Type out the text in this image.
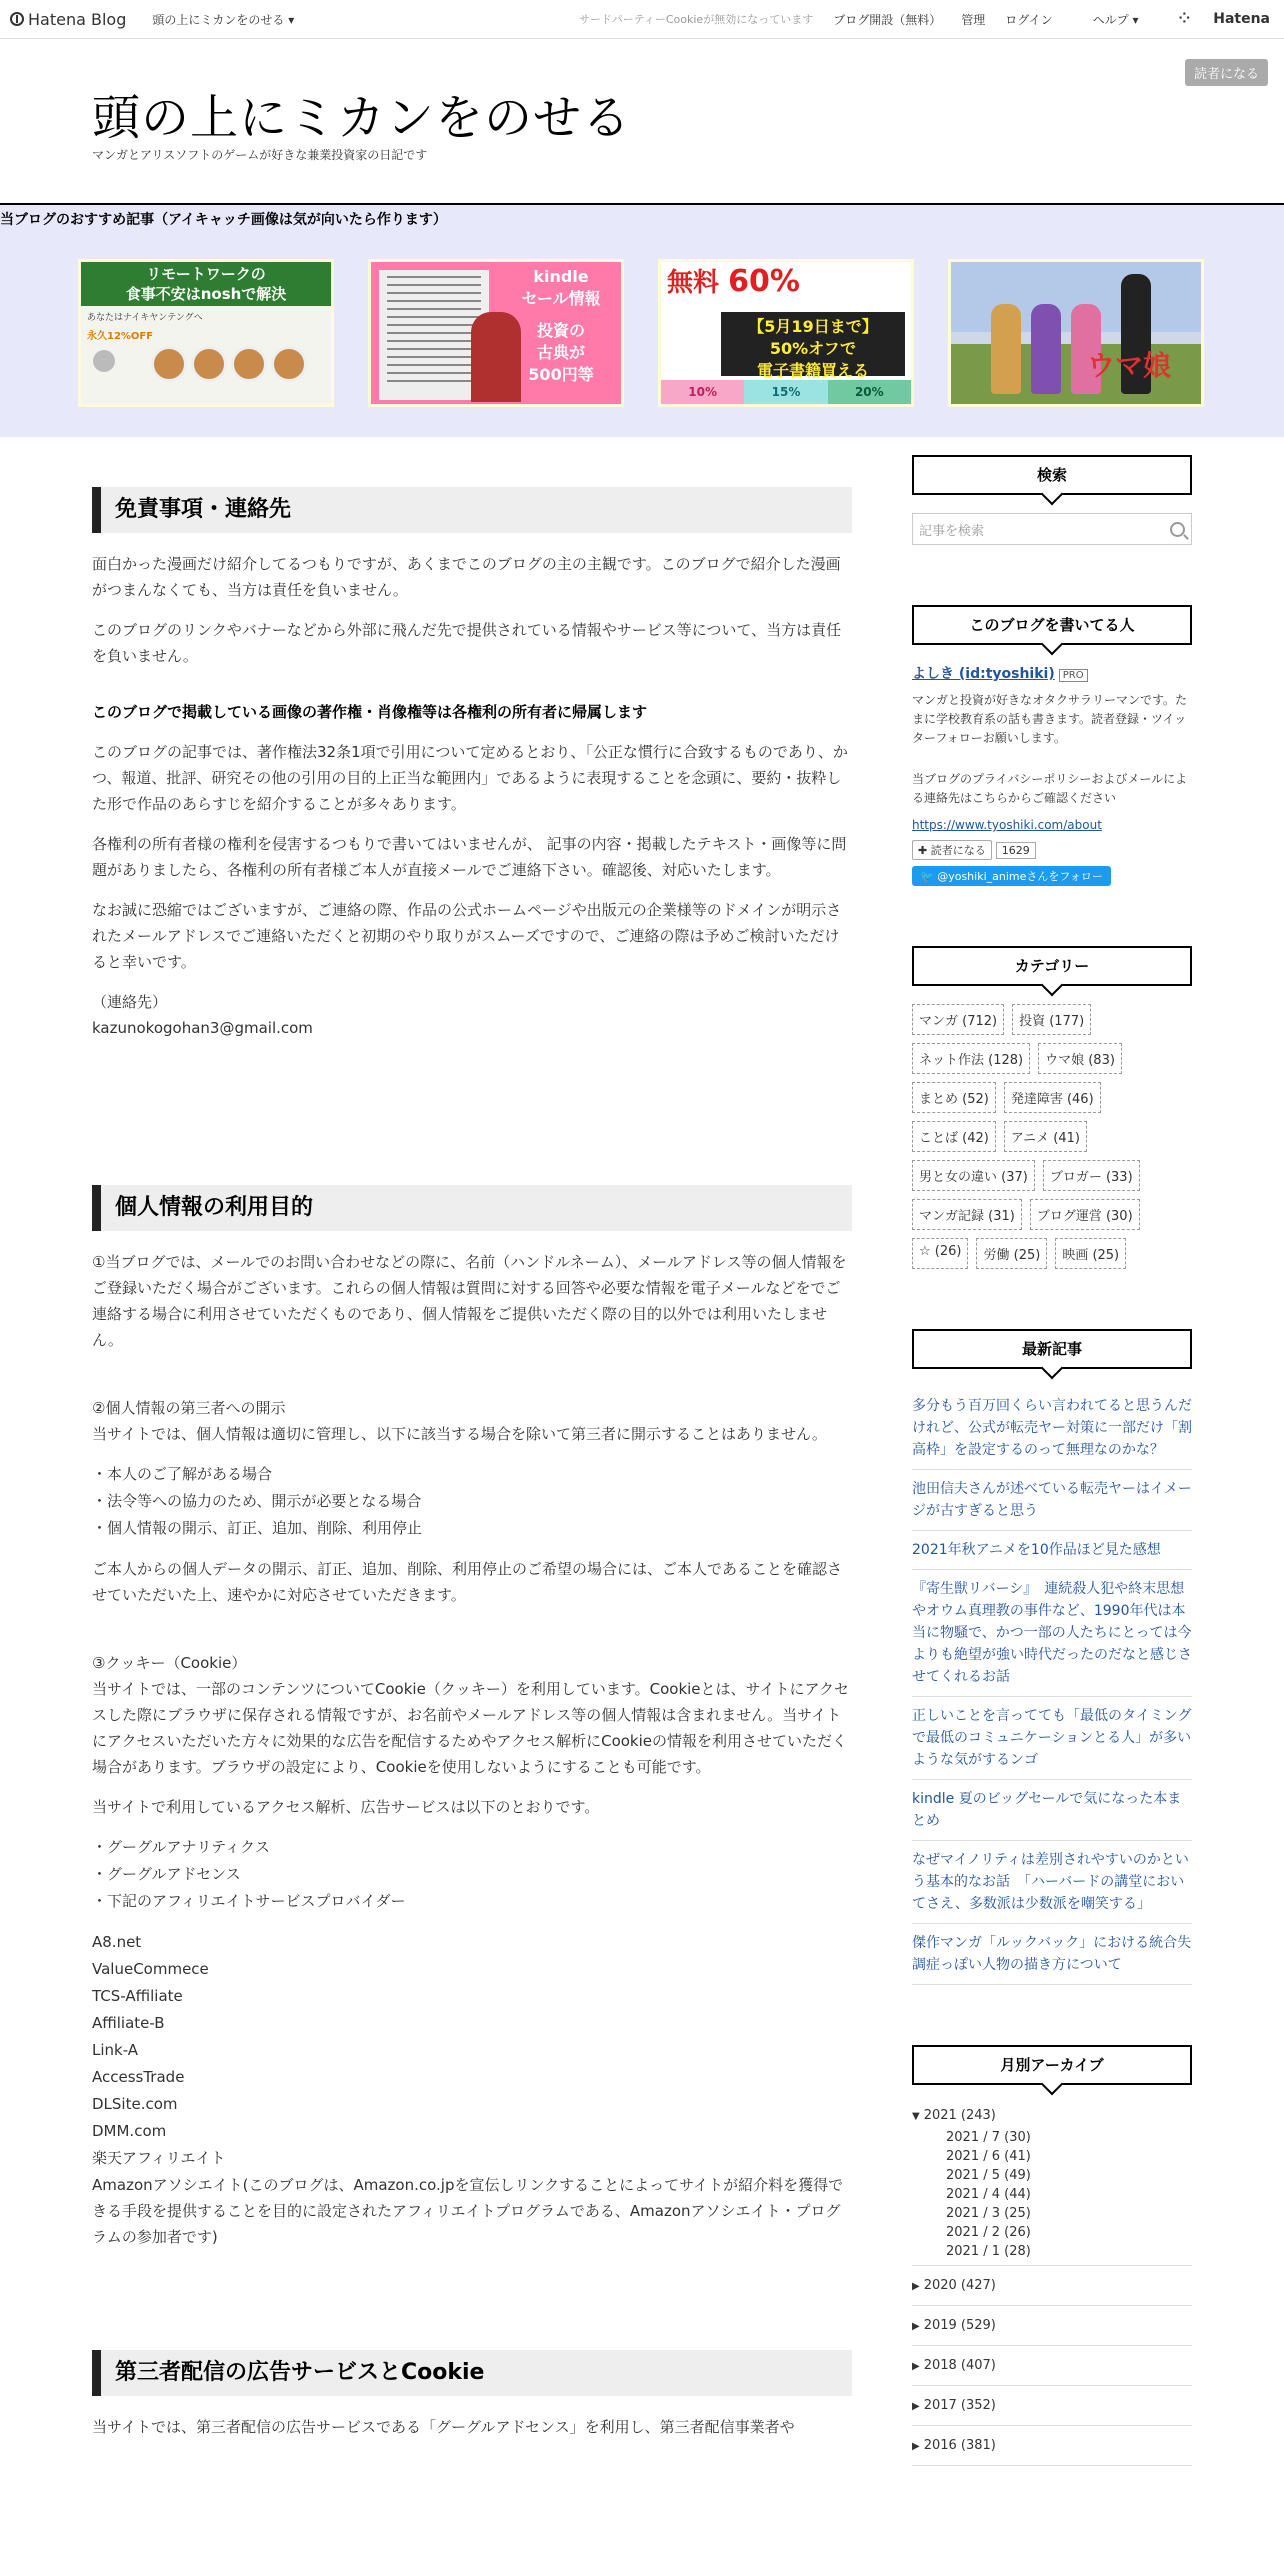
Hatena Blog 頭の上にミカンをのせる ▾	サードパーティーCookieが無効になっています ブログ開設（無料） 管理 ログイン	ヘルプ ▾	⁘ Hatena
頭の上にミカンをのせる
マンガとアリスソフトのゲームが好きな兼業投資家の日記です
読者になる
当ブログのおすすめ記事（アイキャッチ画像は気が向いたら作ります）
リモートワークの
食事不安はnoshで解決
あなたはナイキヤンテングへ
永久12%OFF
kindle
セール情報
投資の
古典が
500円等
無料 60%
【5月19日まで】
50%オフで
電子書籍買える
10%	15%	20%
ウマ娘
免責事項・連絡先

面白かった漫画だけ紹介してるつもりですが、あくまでこのブログの主の主観です。このブログで紹介した漫画がつまんなくても、当方は責任を負いません。

このブログのリンクやバナーなどから外部に飛んだ先で提供されている情報やサービス等について、当方は責任を負いません。

このブログで掲載している画像の著作権・肖像権等は各権利の所有者に帰属します

このブログの記事では、著作権法32条1項で引用について定めるとおり、「公正な慣行に合致するものであり、かつ、報道、批評、研究その他の引用の目的上正当な範囲内」であるように表現することを念頭に、要約・抜粋した形で作品のあらすじを紹介することが多々あります。

各権利の所有者様の権利を侵害するつもりで書いてはいませんが、 記事の内容・掲載したテキスト・画像等に問題がありましたら、各権利の所有者様ご本人が直接メールでご連絡下さい。確認後、対応いたします。

なお誠に恐縮ではございますが、ご連絡の際、作品の公式ホームページや出版元の企業様等のドメインが明示されたメールアドレスでご連絡いただくと初期のやり取りがスムーズですので、ご連絡の際は予めご検討いただけると幸いです。

（連絡先）

kazunokogohan3@gmail.com

個人情報の利用目的

①当ブログでは、メールでのお問い合わせなどの際に、名前（ハンドルネーム）、メールアドレス等の個人情報をご登録いただく場合がございます。これらの個人情報は質問に対する回答や必要な情報を電子メールなどをでご連絡する場合に利用させていただくものであり、個人情報をご提供いただく際の目的以外では利用いたしません。

②個人情報の第三者への開示

当サイトでは、個人情報は適切に管理し、以下に該当する場合を除いて第三者に開示することはありません。

・本人のご了解がある場合
・法令等への協力のため、開示が必要となる場合
・個人情報の開示、訂正、追加、削除、利用停止

ご本人からの個人データの開示、訂正、追加、削除、利用停止のご希望の場合には、ご本人であることを確認させていただいた上、速やかに対応させていただきます。

③クッキー（Cookie）

当サイトでは、一部のコンテンツについてCookie（クッキー）を利用しています。Cookieとは、サイトにアクセスした際にブラウザに保存される情報ですが、お名前やメールアドレス等の個人情報は含まれません。当サイトにアクセスいただいた方々に効果的な広告を配信するためやアクセス解析にCookieの情報を利用させていただく場合があります。ブラウザの設定により、Cookieを使用しないようにすることも可能です。

当サイトで利用しているアクセス解析、広告サービスは以下のとおりです。

・グーグルアナリティクス
・グーグルアドセンス
・下記のアフィリエイトサービスプロバイダー
A8.net
ValueCommece
TCS-Affiliate
Affiliate-B
Link-A
AccessTrade
DLSite.com
DMM.com
楽天アフィリエイト

Amazonアソシエイト(このブログは、Amazon.co.jpを宣伝しリンクすることによってサイトが紹介料を獲得できる手段を提供することを目的に設定されたアフィリエイトプログラムである、Amazonアソシエイト・プログラムの参加者です)

第三者配信の広告サービスとCookie

当サイトでは、第三者配信の広告サービスである「グーグルアドセンス」を利用し、第三者配信事業者や

検索
記事を検索
このブログを書いてる人
よしき (id:tyoshiki) PRO
マンガと投資が好きなオタクサラリーマンです。たまに学校教育系の話も書きます。読者登録・ツイッターフォローお願いします。
当ブログのプライバシーポリシーおよびメールによる連絡先はこちらからご確認ください
https://www.tyoshiki.com/about
✚ 読者になる	1629
🐦 @yoshiki_animeさんをフォロー
カテゴリー
マンガ (712)	投資 (177)
ネット作法 (128)	ウマ娘 (83)
まとめ (52)	発達障害 (46)
ことば (42)	アニメ (41)
男と女の違い (37)	ブロガー (33)
マンガ記録 (31)	ブログ運営 (30)
☆ (26)	労働 (25)	映画 (25)
最新記事
多分もう百万回くらい言われてると思うんだけれど、公式が転売ヤー対策に一部だけ「割高枠」を設定するのって無理なのかな？
池田信夫さんが述べている転売ヤーはイメージが古すぎると思う
2021年秋アニメを10作品ほど見た感想
『寄生獣リバーシ』　連続殺人犯や終末思想やオウム真理教の事件など、1990年代は本当に物騒で、かつ一部の人たちにとっては今よりも絶望が強い時代だったのだなと感じさせてくれるお話
正しいことを言ってても「最低のタイミングで最低のコミュニケーションとる人」が多いような気がするンゴ
kindle 夏のビッグセールで気になった本まとめ
なぜマイノリティは差別されやすいのかという基本的なお話　「ハーバードの講堂においてさえ、多数派は少数派を嘲笑する」
傑作マンガ「ルックバック」における統合失調症っぽい人物の描き方について
月別アーカイブ
▼ 2021 (243)
2021 / 7 (30)
2021 / 6 (41)
2021 / 5 (49)
2021 / 4 (44)
2021 / 3 (25)
2021 / 2 (26)
2021 / 1 (28)
▶ 2020 (427)
▶ 2019 (529)
▶ 2018 (407)
▶ 2017 (352)
▶ 2016 (381)
